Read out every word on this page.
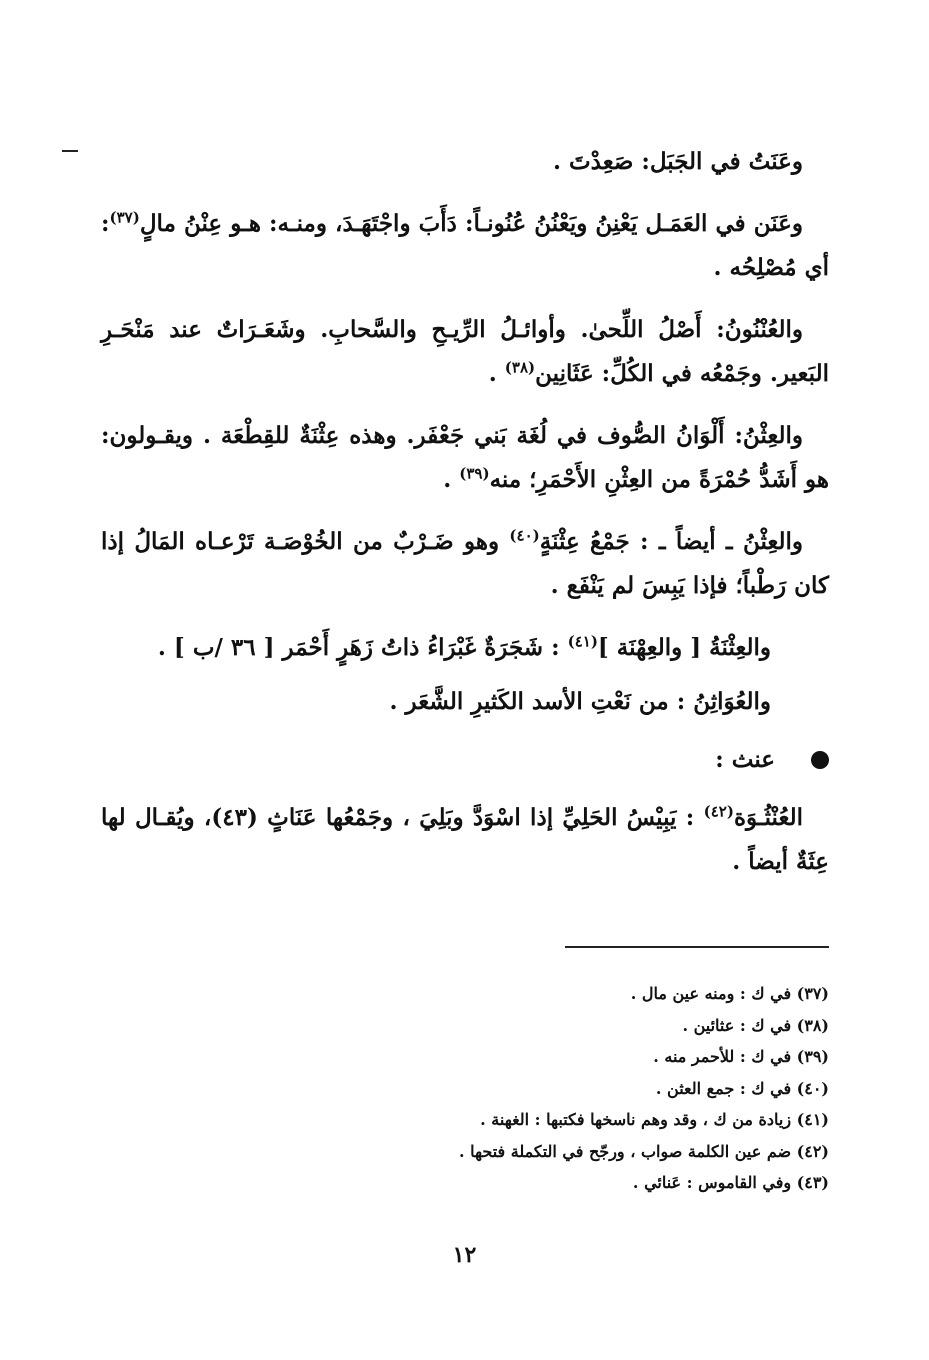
وعَنَتُ في الجَبَل: صَعِدْتَ .

وعَنَن في العَمَـل يَعْنِنُ ويَعْنُنُ عُنُونـاً: دَأَبَ واجْتَهَـدَ، ومنـه: هـو عِنْنُ مالٍ$^{(٣٧)}$: أي مُصْلِحُه .

والعُنْنُونُ: أَصْلُ اللِّحىٰ. وأوائـلُ الرِّيـحِ والسَّحابِ. وشَعَـرَاتٌ عند مَنْحَـرِ البَعير. وجَمْعُه في الكُلِّ: عَثَانِين$^{(٣٨)}$ .

والعِثْنُ: أَلْوَانُ الصُّوف في لُغَة بَني جَعْفَر. وهذه عِثْنَةٌ للقِطْعَة . ويقـولون: هو أَشَدُّ حُمْرَةً من العِثْنِ الأَحْمَرِ؛ منه$^{(٣٩)}$ .

والعِثْنُ ـ أيضاً ـ : جَمْعُ عِثْنَةٍ$^{(٤٠)}$ وهو ضَـرْبٌ من الخُوْصَـة تَرْعـاه المَالُ إذا كان رَطْباً؛ فإذا يَبِسَ لم يَنْفَع .

والعِثْنَةُ [ والعِهْنَة ]$^{(٤١)}$ : شَجَرَةٌ غَبْرَاءُ ذاتُ زَهَرٍ أَحْمَر [ ٣٦ /ب ] .

والعُوَاثِنُ : من نَعْتِ الأسد الكَثيرِ الشَّعَر .

عنث :

العُنْثُـوَة$^{(٤٢)}$ : يَبِيْسُ الحَلِيِّ إذا اسْوَدَّ وبَلِيَ ، وجَمْعُها عَنَاثٍ (٤٣)، ويُقـال لها عِثَةٌ أيضاً .

(٣٧) في ك : ومنه عين مال .

(٣٨) في ك : عثائين .

(٣٩) في ك : للأحمر منه .

(٤٠) في ك : جمع العثن .

(٤١) زيادة من ك ، وقد وهم ناسخها فكتبها : الغهنة .

(٤٢) ضم عين الكلمة صواب ، ورجّح في التكملة فتحها .

(٤٣) وفي القاموس : عَنائي .

١٢
